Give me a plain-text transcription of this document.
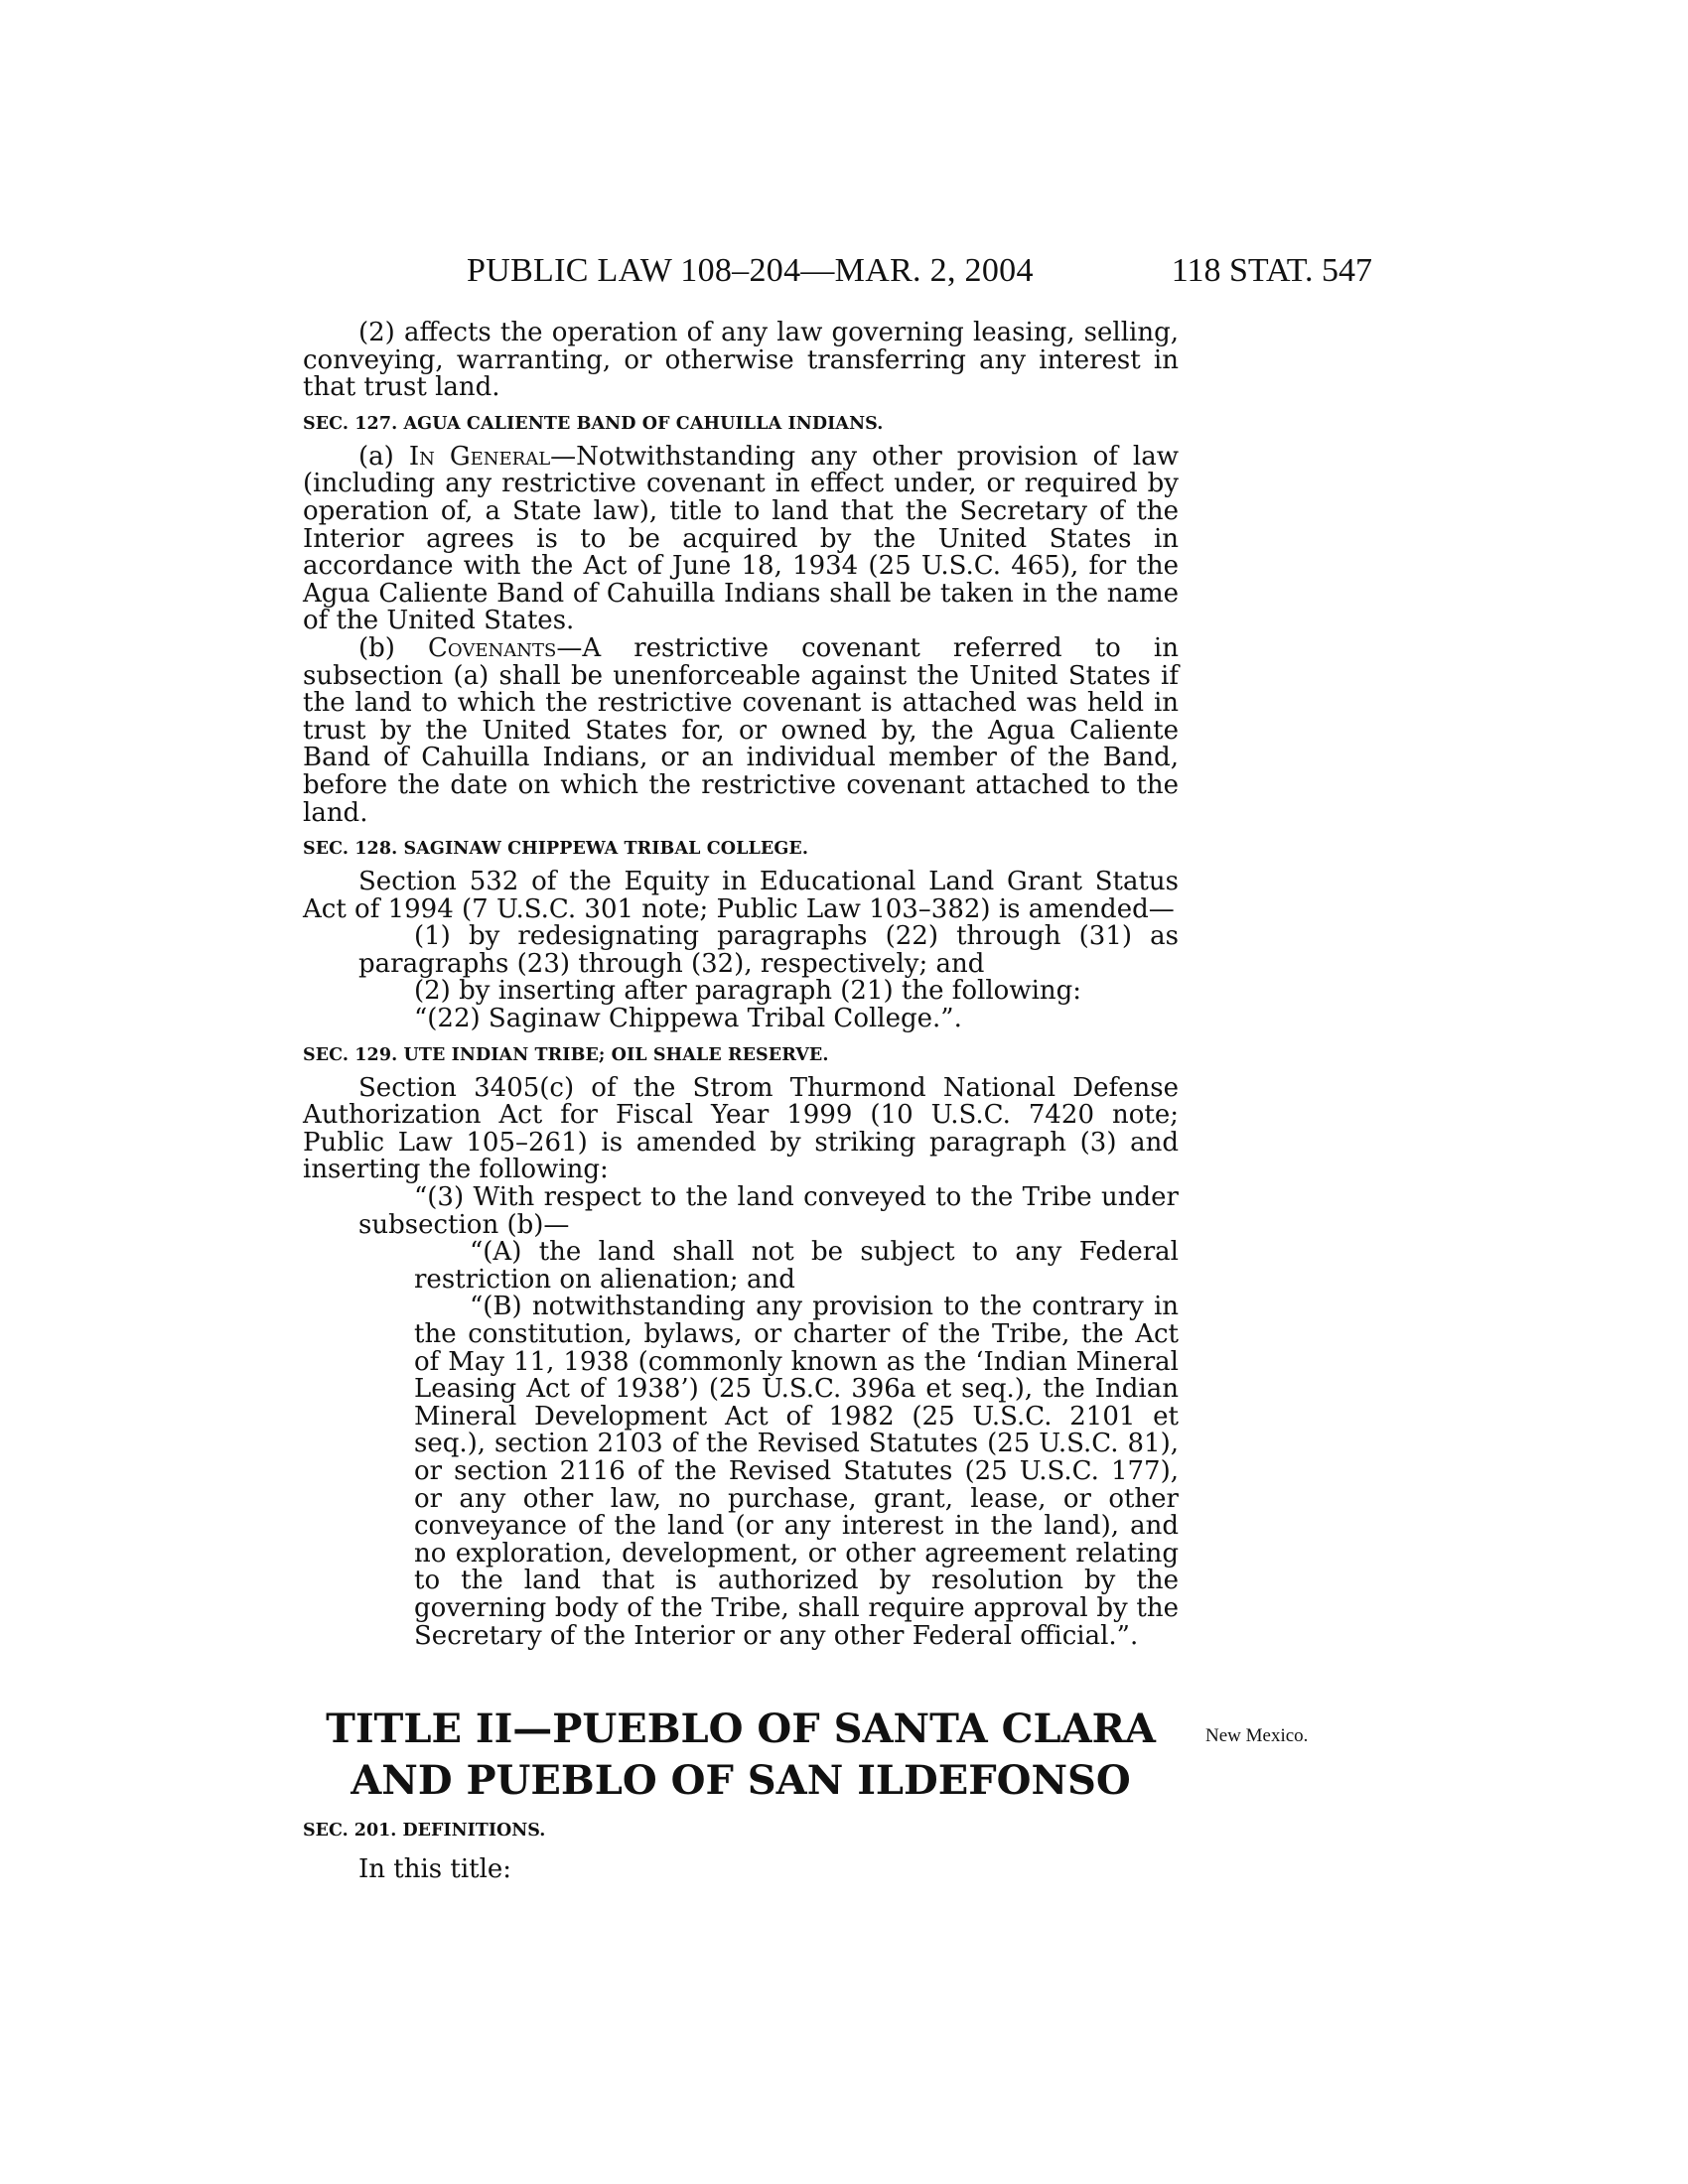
PUBLIC LAW 108–204—MAR. 2, 2004	118 STAT. 547

(2) affects the operation of any law governing leasing, selling, conveying, warranting, or otherwise transferring any interest in that trust land.

SEC. 127. AGUA CALIENTE BAND OF CAHUILLA INDIANS.

(a) In General—Notwithstanding any other provision of law (including any restrictive covenant in effect under, or required by operation of, a State law), title to land that the Secretary of the Interior agrees is to be acquired by the United States in accordance with the Act of June 18, 1934 (25 U.S.C. 465), for the Agua Caliente Band of Cahuilla Indians shall be taken in the name of the United States.

(b) Covenants—A restrictive covenant referred to in subsection (a) shall be unenforceable against the United States if the land to which the restrictive covenant is attached was held in trust by the United States for, or owned by, the Agua Caliente Band of Cahuilla Indians, or an individual member of the Band, before the date on which the restrictive covenant attached to the land.

SEC. 128. SAGINAW CHIPPEWA TRIBAL COLLEGE.

Section 532 of the Equity in Educational Land Grant Status Act of 1994 (7 U.S.C. 301 note; Public Law 103–382) is amended—

(1) by redesignating paragraphs (22) through (31) as paragraphs (23) through (32), respectively; and

(2) by inserting after paragraph (21) the following:

“(22) Saginaw Chippewa Tribal College.”.

SEC. 129. UTE INDIAN TRIBE; OIL SHALE RESERVE.

Section 3405(c) of the Strom Thurmond National Defense Authorization Act for Fiscal Year 1999 (10 U.S.C. 7420 note; Public Law 105–261) is amended by striking paragraph (3) and inserting the following:

“(3) With respect to the land conveyed to the Tribe under subsection (b)—

“(A) the land shall not be subject to any Federal restriction on alienation; and

“(B) notwithstanding any provision to the contrary in the constitution, bylaws, or charter of the Tribe, the Act of May 11, 1938 (commonly known as the ‘Indian Mineral Leasing Act of 1938’) (25 U.S.C. 396a et seq.), the Indian Mineral Development Act of 1982 (25 U.S.C. 2101 et seq.), section 2103 of the Revised Statutes (25 U.S.C. 81), or section 2116 of the Revised Statutes (25 U.S.C. 177), or any other law, no purchase, grant, lease, or other conveyance of the land (or any interest in the land), and no exploration, development, or other agreement relating to the land that is authorized by resolution by the governing body of the Tribe, shall require approval by the Secretary of the Interior or any other Federal official.”.

TITLE II—PUEBLO OF SANTA CLARA
AND PUEBLO OF SAN ILDEFONSO
New Mexico.
SEC. 201. DEFINITIONS.
In this title:
